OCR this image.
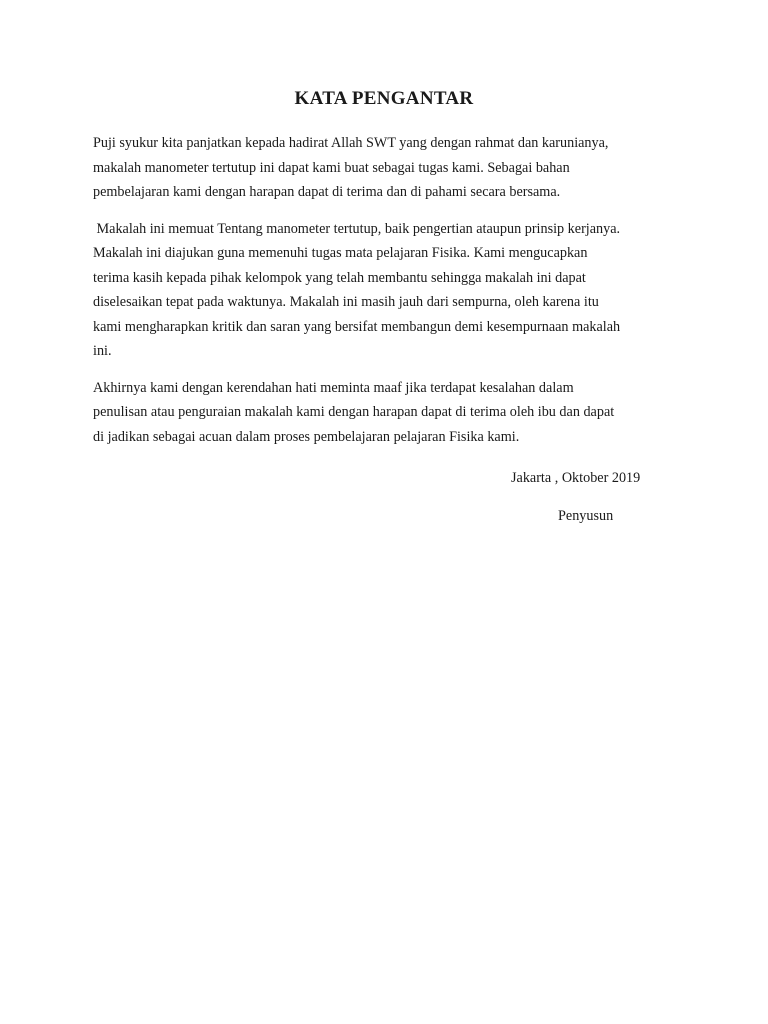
KATA PENGANTAR

Puji syukur kita panjatkan kepada hadirat Allah SWT yang dengan rahmat dan karunianya,
makalah manometer tertutup ini dapat kami buat sebagai tugas kami. Sebagai bahan
pembelajaran kami dengan harapan dapat di terima dan di pahami secara bersama.

Makalah ini memuat Tentang manometer tertutup, baik pengertian ataupun prinsip kerjanya.
Makalah ini diajukan guna memenuhi tugas mata pelajaran Fisika. Kami mengucapkan
terima kasih kepada pihak kelompok yang telah membantu sehingga makalah ini dapat
diselesaikan tepat pada waktunya. Makalah ini masih jauh dari sempurna, oleh karena itu
kami mengharapkan kritik dan saran yang bersifat membangun demi kesempurnaan makalah
ini.

Akhirnya kami dengan kerendahan hati meminta maaf jika terdapat kesalahan dalam
penulisan atau penguraian makalah kami dengan harapan dapat di terima oleh ibu dan dapat
di jadikan sebagai acuan dalam proses pembelajaran pelajaran Fisika kami.

Jakarta , Oktober 2019
Penyusun
